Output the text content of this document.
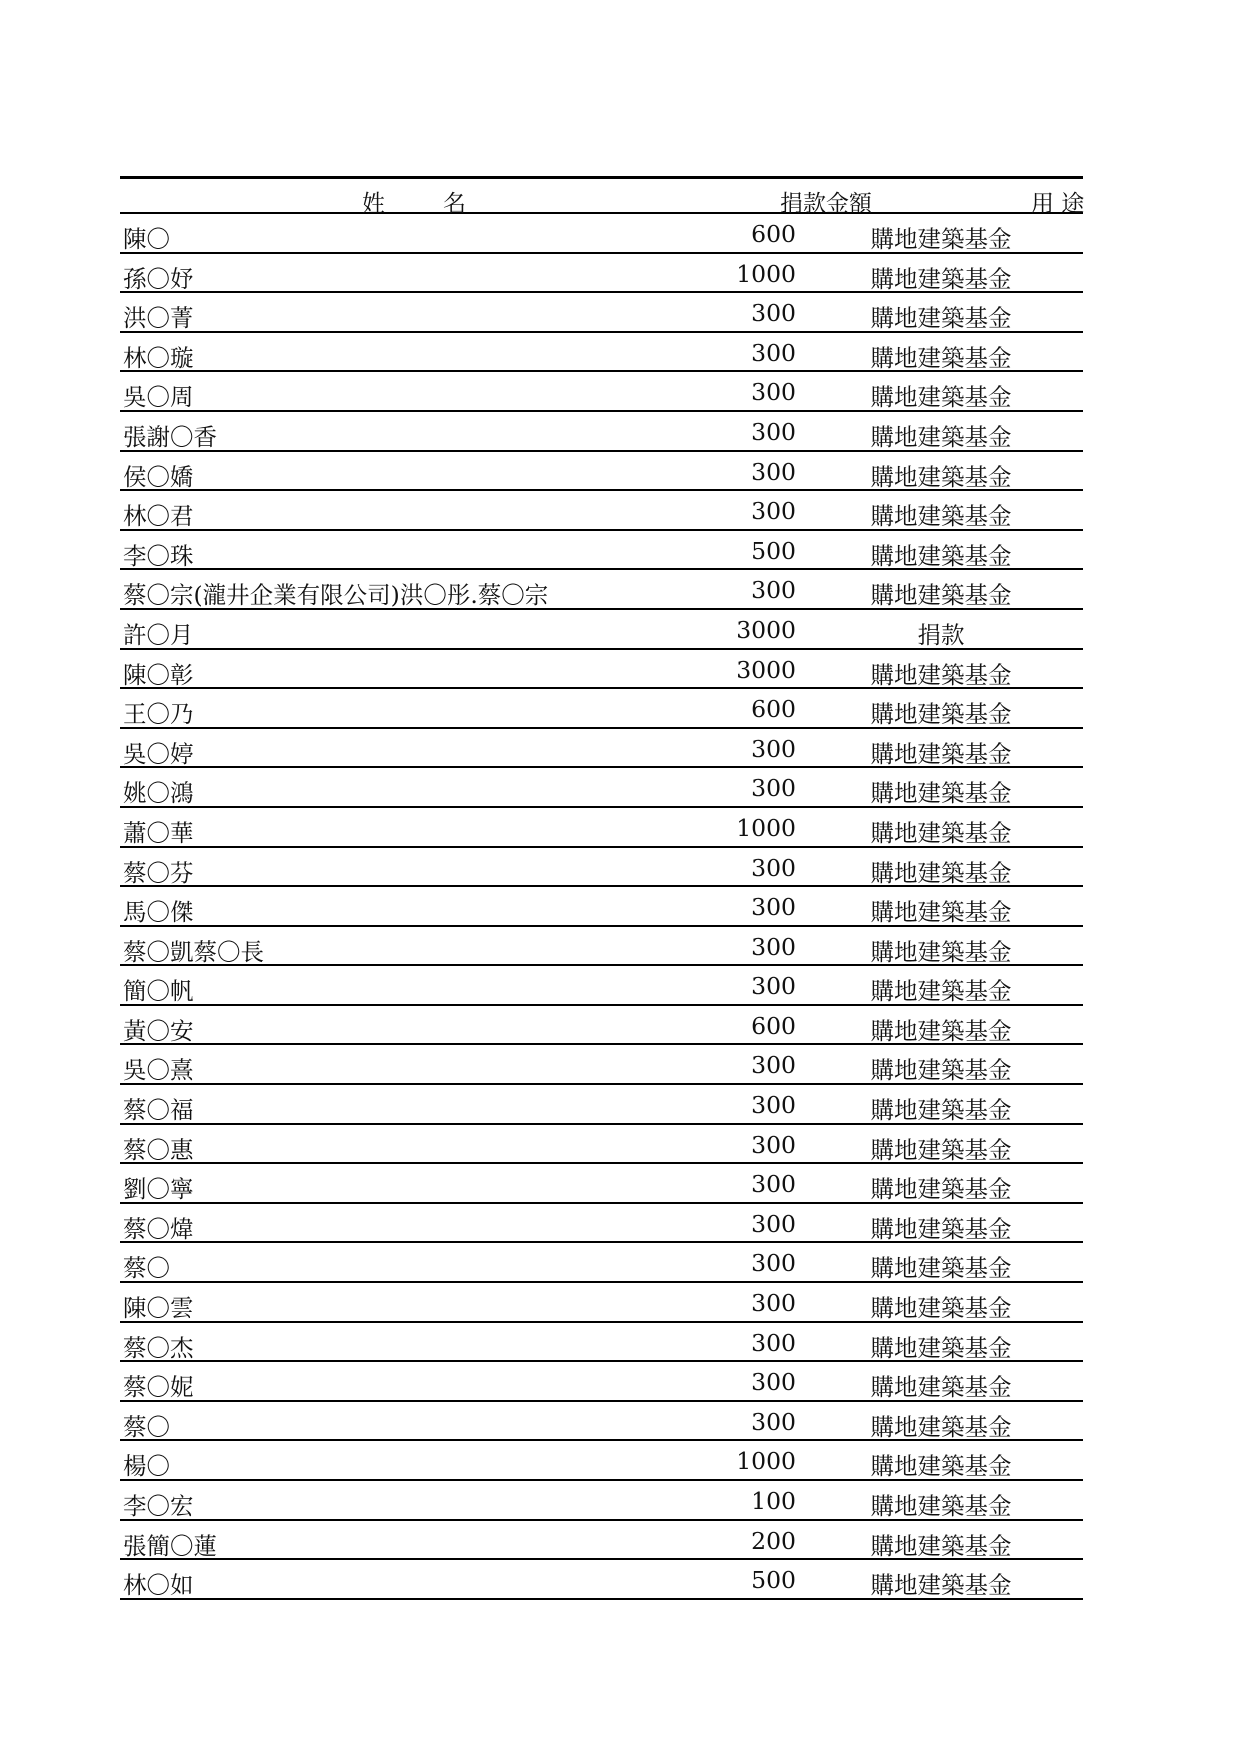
姓 名	捐款金額	用 途
陳〇	600	購地建築基金
孫〇妤	1000	購地建築基金
洪〇菁	300	購地建築基金
林〇璇	300	購地建築基金
吳〇周	300	購地建築基金
張謝〇香	300	購地建築基金
侯〇嬌	300	購地建築基金
林〇君	300	購地建築基金
李〇珠	500	購地建築基金
蔡〇宗(瀧井企業有限公司)洪〇彤.蔡〇宗	300	購地建築基金
許〇月	3000	捐款
陳〇彰	3000	購地建築基金
王〇乃	600	購地建築基金
吳〇婷	300	購地建築基金
姚〇鴻	300	購地建築基金
蕭〇華	1000	購地建築基金
蔡〇芬	300	購地建築基金
馬〇傑	300	購地建築基金
蔡〇凱蔡〇長	300	購地建築基金
簡〇帆	300	購地建築基金
黃〇安	600	購地建築基金
吳〇熹	300	購地建築基金
蔡〇福	300	購地建築基金
蔡〇惠	300	購地建築基金
劉〇寧	300	購地建築基金
蔡〇煒	300	購地建築基金
蔡〇	300	購地建築基金
陳〇雲	300	購地建築基金
蔡〇杰	300	購地建築基金
蔡〇妮	300	購地建築基金
蔡〇	300	購地建築基金
楊〇	1000	購地建築基金
李〇宏	100	購地建築基金
張簡〇蓮	200	購地建築基金
林〇如	500	購地建築基金
